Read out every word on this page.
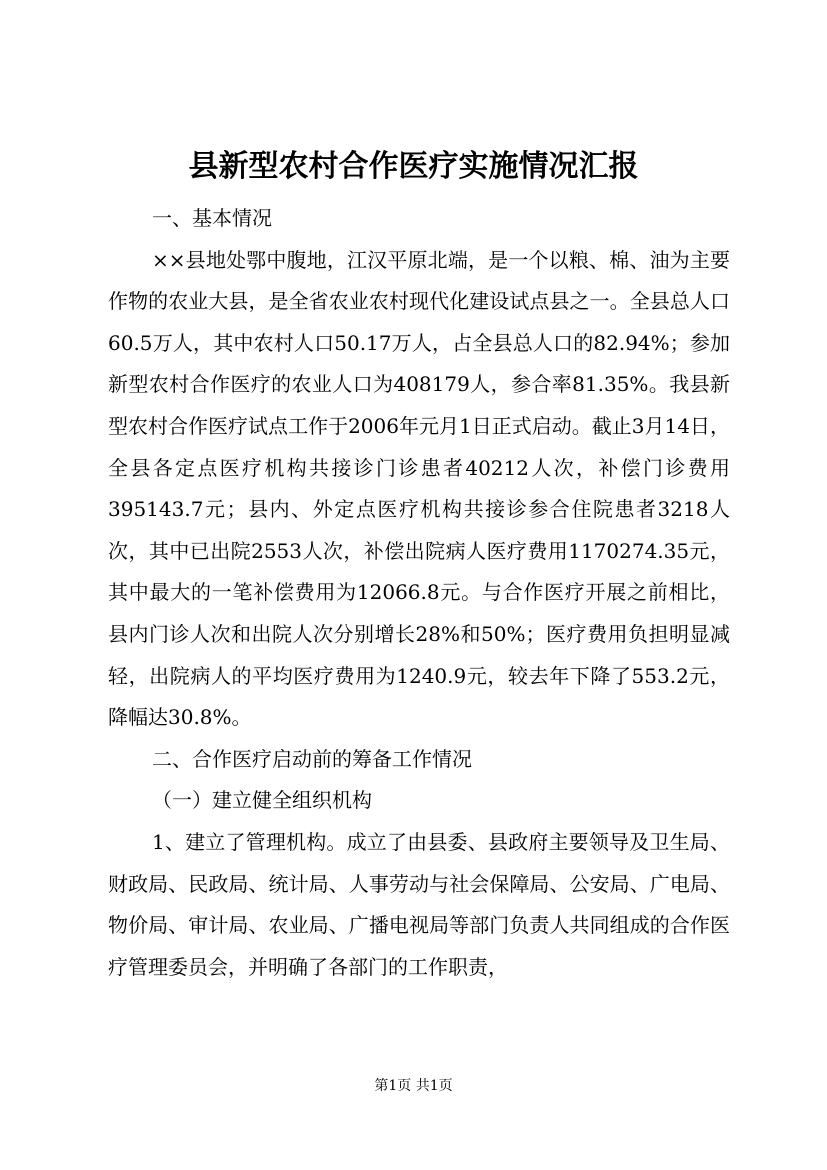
县新型农村合作医疗实施情况汇报

一、基本情况

××县地处鄂中腹地，江汉平原北端，是一个以粮、棉、油为主要作物的农业大县，是全省农业农村现代化建设试点县之一。全县总人口60.5万人，其中农村人口50.17万人，占全县总人口的82.94%；参加新型农村合作医疗的农业人口为408179人，参合率81.35%。我县新型农村合作医疗试点工作于2006年元月1日正式启动。截止3月14日，全县各定点医疗机构共接诊门诊患者40212人次，补偿门诊费用395143.7元；县内、外定点医疗机构共接诊参合住院患者3218人次，其中已出院2553人次，补偿出院病人医疗费用1170274.35元，其中最大的一笔补偿费用为12066.8元。与合作医疗开展之前相比，县内门诊人次和出院人次分别增长28%和50%；医疗费用负担明显减轻，出院病人的平均医疗费用为1240.9元，较去年下降了553.2元，降幅达30.8%。

二、合作医疗启动前的筹备工作情况

（一）建立健全组织机构

1、建立了管理机构。成立了由县委、县政府主要领导及卫生局、财政局、民政局、统计局、人事劳动与社会保障局、公安局、广电局、物价局、审计局、农业局、广播电视局等部门负责人共同组成的合作医疗管理委员会，并明确了各部门的工作职责，

第1页 共1页
